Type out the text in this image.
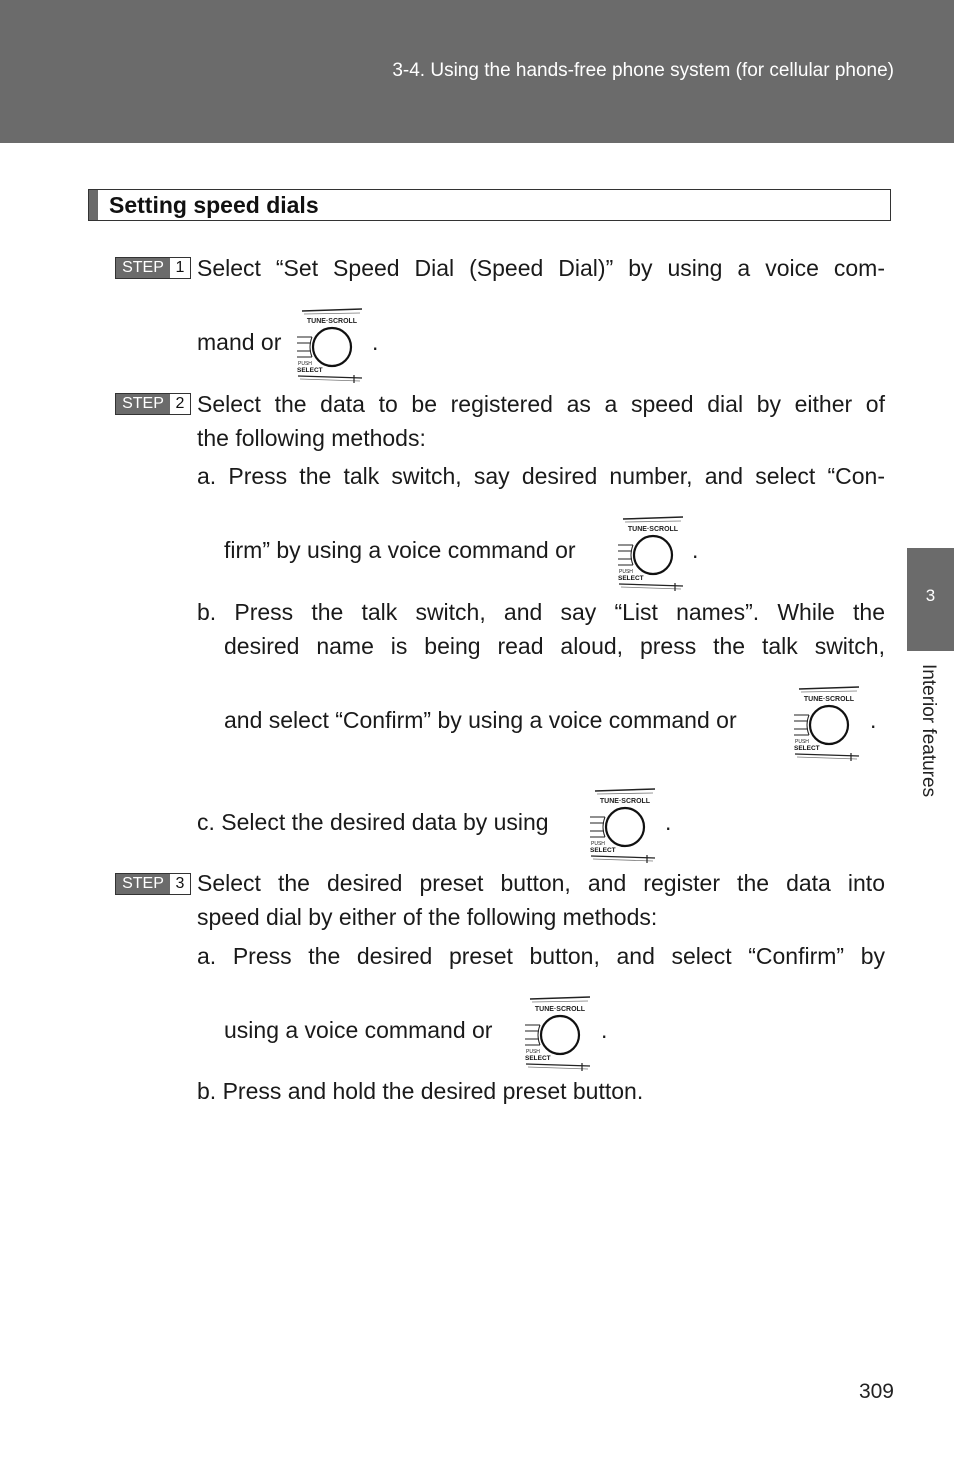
3-4. Using the hands-free phone system (for cellular phone)
Setting speed dials
STEP 1 Select “Set Speed Dial (Speed Dial)” by using a voice com-
mand or
TUNE·SCROLL
PUSH
SELECT
.
STEP 2 Select the data to be registered as a speed dial by either of
the following methods:
a. Press the talk switch, say desired number, and select “Con-
firm” by using a voice command or
TUNE·SCROLL
PUSH
SELECT
.
b. Press the talk switch, and say “List names”. While the
desired name is being read aloud, press the talk switch,
and select “Confirm” by using a voice command or
TUNE·SCROLL
PUSH
SELECT
.
c. Select the desired data by using
TUNE·SCROLL
PUSH
SELECT
.
STEP 3 Select the desired preset button, and register the data into
speed dial by either of the following methods:
a. Press the desired preset button, and select “Confirm” by
using a voice command or
TUNE·SCROLL
PUSH
SELECT
.
b. Press and hold the desired preset button.
3
Interior features
309
